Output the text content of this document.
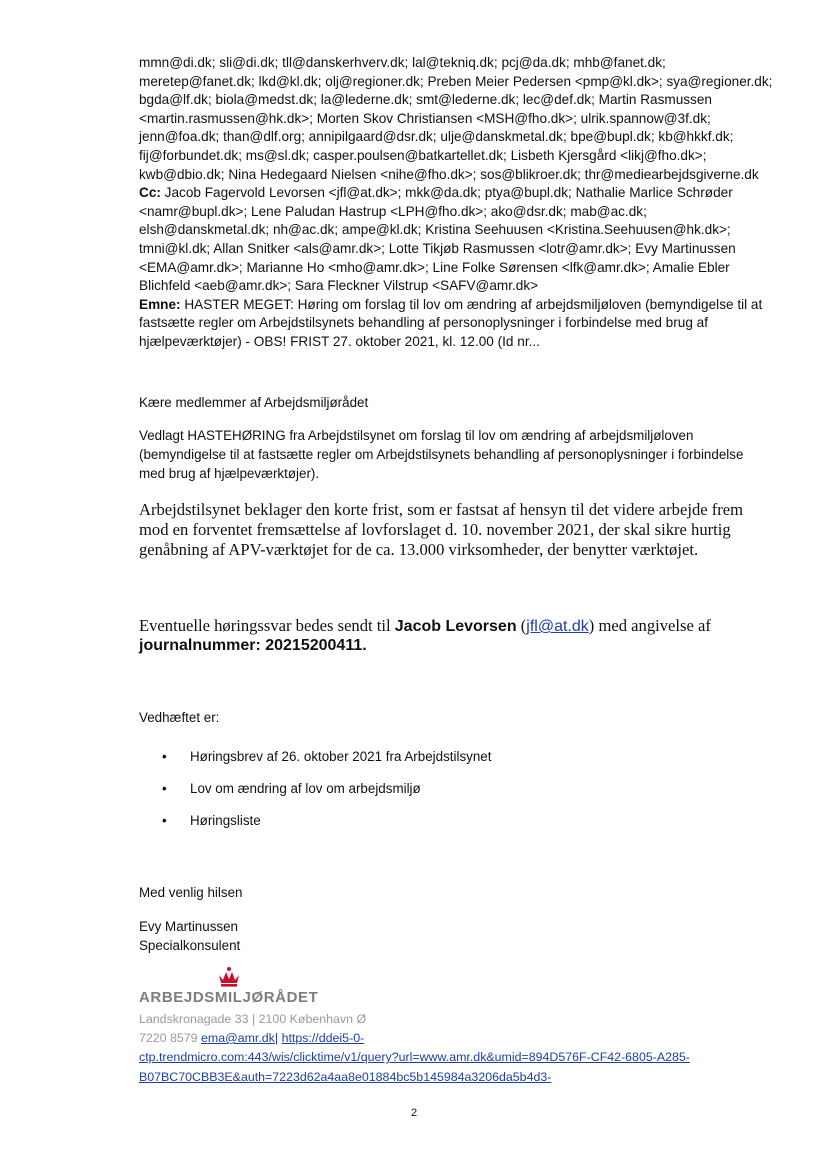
mmn@di.dk; sli@di.dk; tll@danskerhverv.dk; lal@tekniq.dk; pcj@da.dk; mhb@fanet.dk; meretep@fanet.dk; lkd@kl.dk; olj@regioner.dk; Preben Meier Pedersen <pmp@kl.dk>; sya@regioner.dk; bgda@lf.dk; biola@medst.dk; la@lederne.dk; smt@lederne.dk; lec@def.dk; Martin Rasmussen <martin.rasmussen@hk.dk>; Morten Skov Christiansen <MSH@fho.dk>; ulrik.spannow@3f.dk; jenn@foa.dk; than@dlf.org; annipilgaard@dsr.dk; ulje@danskmetal.dk; bpe@bupl.dk; kb@hkkf.dk; fij@forbundet.dk; ms@sl.dk; casper.poulsen@batkartellet.dk; Lisbeth Kjersgård <likj@fho.dk>; kwb@dbio.dk; Nina Hedegaard Nielsen <nihe@fho.dk>; sos@blikroer.dk; thr@mediearbejdsgiverne.dk

Cc: Jacob Fagervold Levorsen <jfl@at.dk>; mkk@da.dk; ptya@bupl.dk; Nathalie Marlice Schrøder <namr@bupl.dk>; Lene Paludan Hastrup <LPH@fho.dk>; ako@dsr.dk; mab@ac.dk; elsh@danskmetal.dk; nh@ac.dk; ampe@kl.dk; Kristina Seehuusen <Kristina.Seehuusen@hk.dk>; tmni@kl.dk; Allan Snitker <als@amr.dk>; Lotte Tikjøb Rasmussen <lotr@amr.dk>; Evy Martinussen <EMA@amr.dk>; Marianne Ho <mho@amr.dk>; Line Folke Sørensen <lfk@amr.dk>; Amalie Ebler Blichfeld <aeb@amr.dk>; Sara Fleckner Vilstrup <SAFV@amr.dk>

Emne: HASTER MEGET: Høring om forslag til lov om ændring af arbejdsmiljøloven (bemyndigelse til at fastsætte regler om Arbejdstilsynets behandling af personoplysninger i forbindelse med brug af hjælpeværktøjer) - OBS! FRIST 27. oktober 2021, kl. 12.00 (Id nr...

Kære medlemmer af Arbejdsmiljørådet
Vedlagt HASTEHØRING fra Arbejdstilsynet om forslag til lov om ændring af arbejdsmiljøloven
(bemyndigelse til at fastsætte regler om Arbejdstilsynets behandling af personoplysninger i forbindelse
med brug af hjælpeværktøjer).
Arbejdstilsynet beklager den korte frist, som er fastsat af hensyn til det videre arbejde frem
mod en forventet fremsættelse af lovforslaget d. 10. november 2021, der skal sikre hurtig
genåbning af APV-værktøjet for de ca. 13.000 virksomheder, der benytter værktøjet.
Eventuelle høringssvar bedes sendt til Jacob Levorsen (jfl@at.dk) med angivelse af
journalnummer: 20215200411.
Vedhæftet er:
• Høringsbrev af 26. oktober 2021 fra Arbejdstilsynet
• Lov om ændring af lov om arbejdsmiljø
• Høringsliste
Med venlig hilsen
Evy Martinussen
Specialkonsulent
ARBEJDSMILJØRÅDET
Landskronagade 33 | 2100 København Ø
7220 8579 ema@amr.dk| https://ddei5-0-
ctp.trendmicro.com:443/wis/clicktime/v1/query?url=www.amr.dk&umid=894D576F-CF42-6805-A285-
B07BC70CBB3E&auth=7223d62a4aa8e01884bc5b145984a3206da5b4d3-
2
